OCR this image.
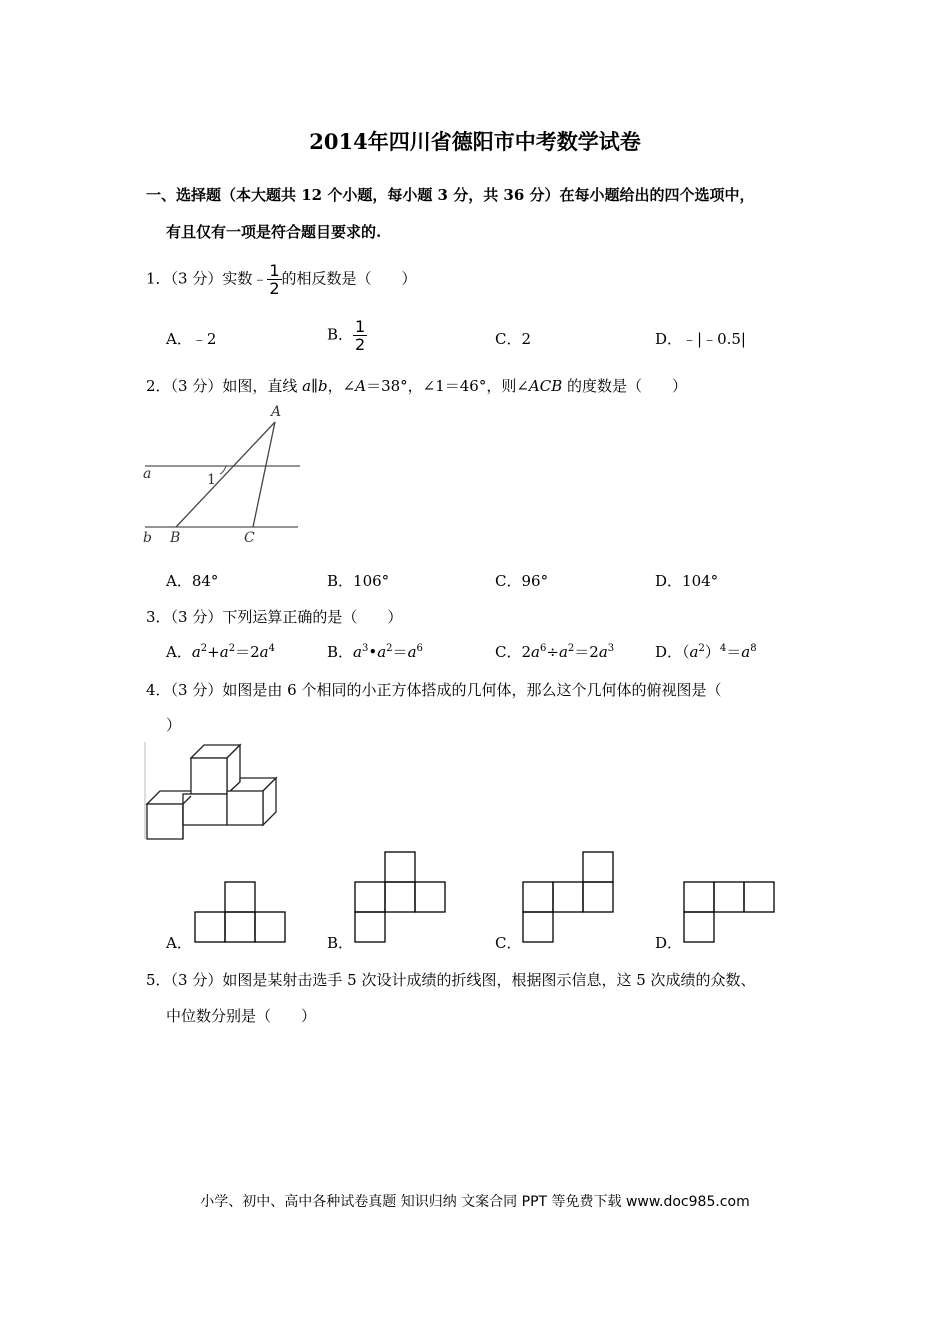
2014年四川省德阳市中考数学试卷
一、选择题（本大题共 12 个小题，每小题 3 分，共 36 分）在每小题给出的四个选项中，
有且仅有一项是符合题目要求的.
1．（3 分）实数﹣ $\frac{1}{2}$ 的相反数是（　　）
A．﹣2	B． $\frac{1}{2}$	C．2	D．﹣|﹣0.5|
2．（3 分）如图，直线 a∥b，∠A＝38°，∠1＝46°，则∠ACB 的度数是（　　）
A
a	1
b B	C
A．84°	B．106°	C．96°	D．104°
3．（3 分）下列运算正确的是（　　）
A．$a^2+a^2=2a^4$	B．$a^3•a^2=a^6$	C．$2a^6\div a^2=2a^3$	D．$(a^2)^4=a^8$
4．（3 分）如图是由 6 个相同的小正方体搭成的几何体，那么这个几何体的俯视图是（
）
A．	B．	C．	D．
5．（3 分）如图是某射击选手 5 次设计成绩的折线图，根据图示信息，这 5 次成绩的众数、
中位数分别是（　　）
小学、初中、高中各种试卷真题 知识归纳 文案合同 PPT 等免费下载 www.doc985.com
